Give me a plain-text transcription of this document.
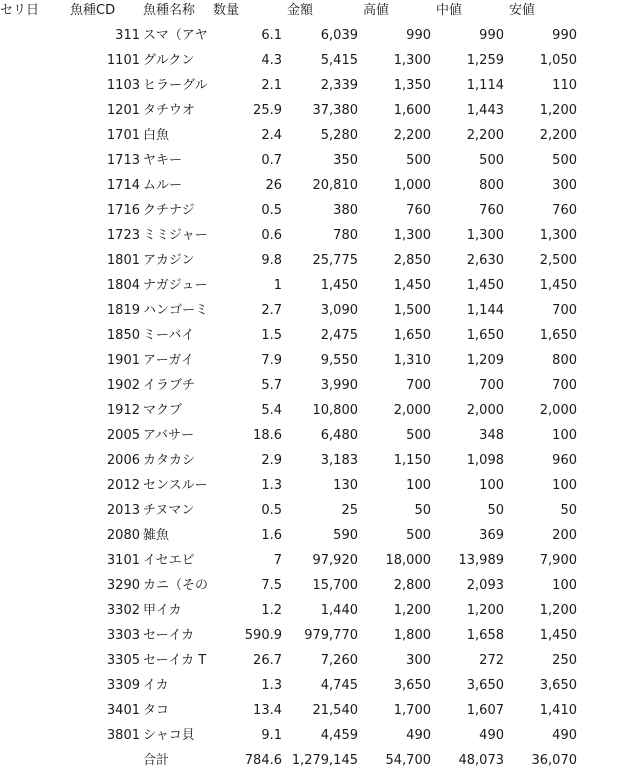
セリ日	魚種CD	魚種名称	数量	金額	高値	中値	安値
311 スマ（アヤ	6.1	6,039	990	990	990
1101 グルクン	4.3	5,415	1,300	1,259	1,050
1103 ヒラーグル	2.1	2,339	1,350	1,114	110
1201 タチウオ	25.9	37,380	1,600	1,443	1,200
1701 白魚	2.4	5,280	2,200	2,200	2,200
1713 ヤキー	0.7	350	500	500	500
1714 ムルー	26	20,810	1,000	800	300
1716 クチナジ	0.5	380	760	760	760
1723 ミミジャー	0.6	780	1,300	1,300	1,300
1801 アカジン	9.8	25,775	2,850	2,630	2,500
1804 ナガジュー	1	1,450	1,450	1,450	1,450
1819 ハンゴーミ	2.7	3,090	1,500	1,144	700
1850 ミーバイ	1.5	2,475	1,650	1,650	1,650
1901 アーガイ	7.9	9,550	1,310	1,209	800
1902 イラブチ	5.7	3,990	700	700	700
1912 マクブ	5.4	10,800	2,000	2,000	2,000
2005 アバサー	18.6	6,480	500	348	100
2006 カタカシ	2.9	3,183	1,150	1,098	960
2012 センスルー	1.3	130	100	100	100
2013 チヌマン	0.5	25	50	50	50
2080 雑魚	1.6	590	500	369	200
3101 イセエビ	7	97,920	18,000	13,989	7,900
3290 カニ（その	7.5	15,700	2,800	2,093	100
3302 甲イカ	1.2	1,440	1,200	1,200	1,200
3303 セーイカ	590.9	979,770	1,800	1,658	1,450
3305 セーイカ T	26.7	7,260	300	272	250
3309 イカ	1.3	4,745	3,650	3,650	3,650
3401 タコ	13.4	21,540	1,700	1,607	1,410
3801 シャコ貝	9.1	4,459	490	490	490
合計	784.6 1,279,145	54,700	48,073	36,070
